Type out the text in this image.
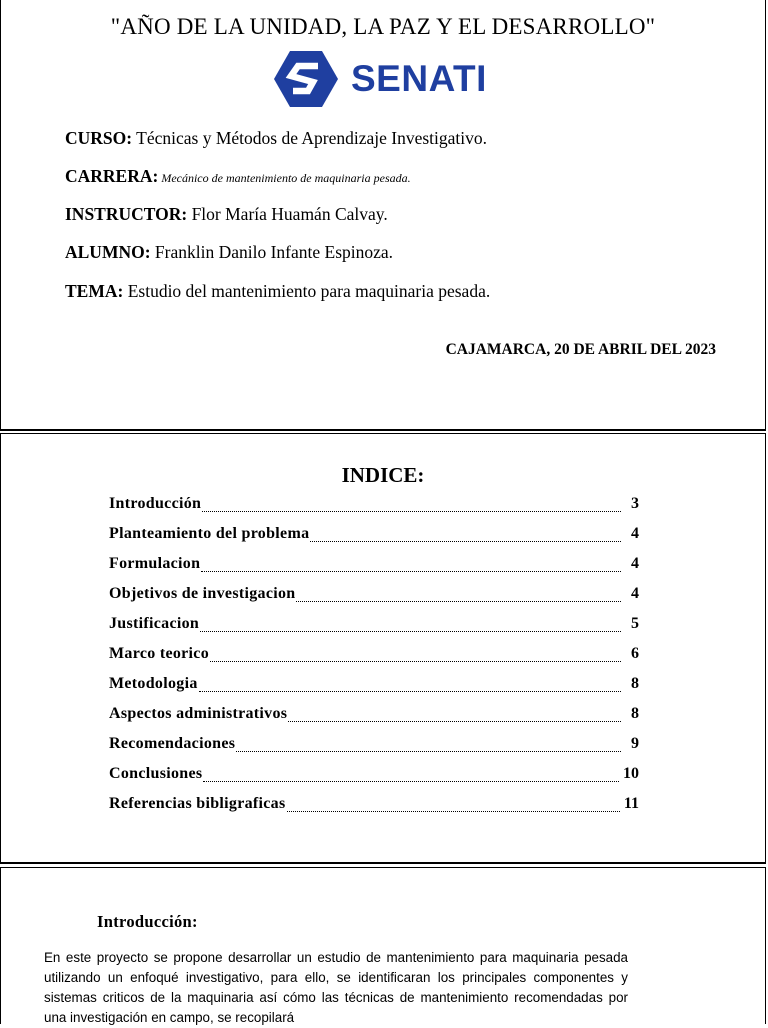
"AÑO DE LA UNIDAD, LA PAZ Y EL DESARROLLO"
SENATI
CURSO: Técnicas y Métodos de Aprendizaje Investigativo.
CARRERA: Mecánico de mantenimiento de maquinaria pesada.
INSTRUCTOR: Flor María Huamán Calvay.
ALUMNO: Franklin Danilo Infante Espinoza.
TEMA: Estudio del mantenimiento para maquinaria pesada.
CAJAMARCA, 20 DE ABRIL DEL 2023
INDICE:
Introducción	3
Planteamiento del problema	4
Formulacion	4
Objetivos de investigacion	4
Justificacion	5
Marco teorico	6
Metodologia	8
Aspectos administrativos	8
Recomendaciones	9
Conclusiones	10
Referencias bibligraficas	11
Introducción:
En este proyecto se propone desarrollar un estudio de mantenimiento para maquinaria pesada utilizando un enfoqué investigativo, para ello, se identificaran los principales componentes y sistemas criticos de la maquinaria así cómo las técnicas de mantenimiento recomendadas por una investigación en campo, se recopilará
